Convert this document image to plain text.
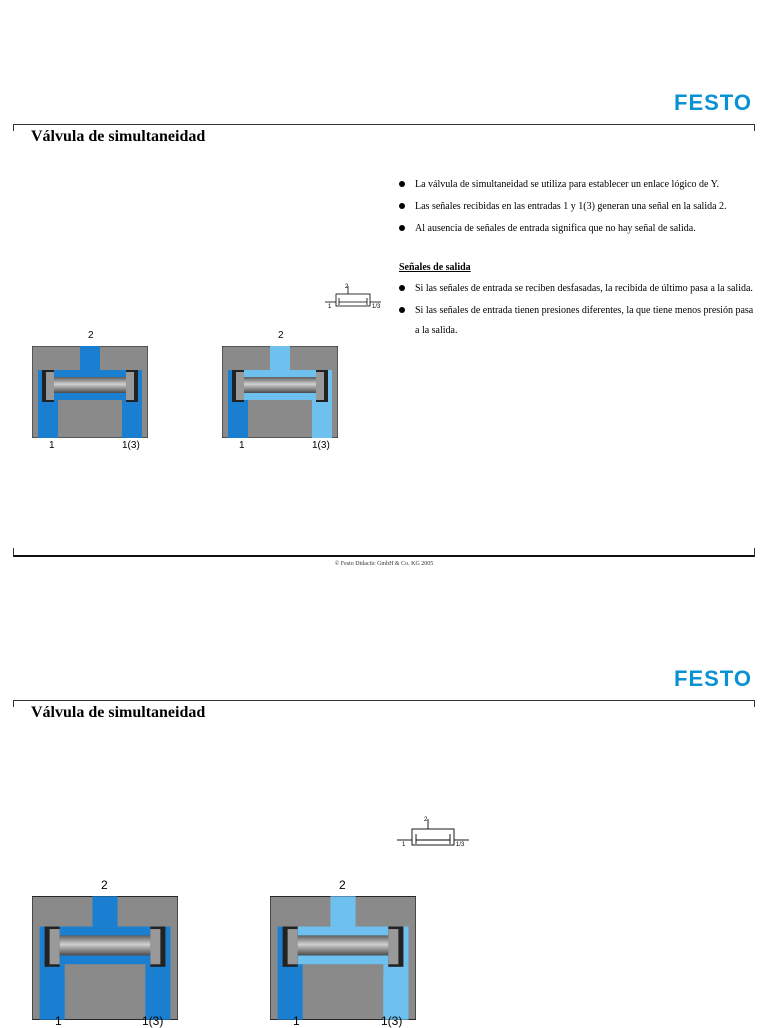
FESTO
Válvula de simultaneidad
La válvula de simultaneidad se utiliza para establecer un enlace lógico de Y.
Las señales recibidas en las entradas 1 y 1(3) generan una señal en la salida 2.
Al ausencia de señales de entrada significa que no hay señal de salida.
Señales de salida
Si las señales de entrada se reciben desfasadas, la recibida de último pasa a la salida.
Si las señales de entrada tienen presiones diferentes, la que tiene menos presión pasa a la salida.
2
1	1/3
2
1	1(3)
2
1	1(3)
© Festo Didactic GmbH & Co. KG 2005
FESTO
Válvula de simultaneidad
2
1	1/3
2
1	1(3)
2
1	1(3)
